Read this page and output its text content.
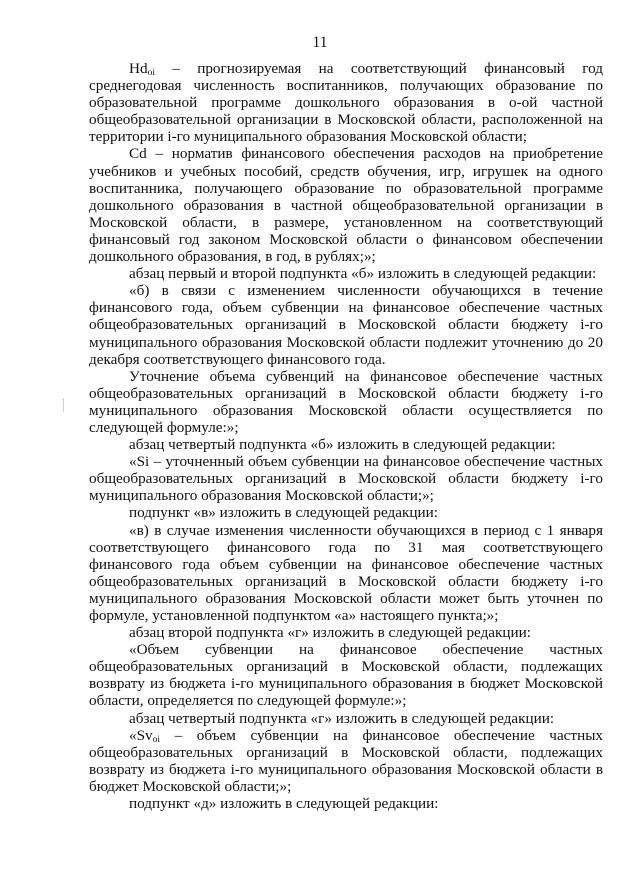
11

$Hd_{oi}$ – прогнозируемая на соответствующий финансовый год среднегодовая численность воспитанников, получающих образование по образовательной программе дошкольного образования в о-ой частной общеобразовательной организации в Московской области, расположенной на территории i-го муниципального образования Московской области;

Cd – норматив финансового обеспечения расходов на приобретение учебников и учебных пособий, средств обучения, игр, игрушек на одного воспитанника, получающего образование по образовательной программе дошкольного образования в частной общеобразовательной организации в Московской области, в размере, установленном на соответствующий финансовый год законом Московской области о финансовом обеспечении дошкольного образования, в год, в рублях;»;

абзац первый и второй подпункта «б» изложить в следующей редакции:

«б) в связи с изменением численности обучающихся в течение финансового года, объем субвенции на финансовое обеспечение частных общеобразовательных организаций в Московской области бюджету i-го муниципального образования Московской области подлежит уточнению до 20 декабря соответствующего финансового года.

Уточнение объема субвенций на финансовое обеспечение частных общеобразовательных организаций в Московской области бюджету i-го муниципального образования Московской области осуществляется по следующей формуле:»;

абзац четвертый подпункта «б» изложить в следующей редакции:

«Si – уточненный объем субвенции на финансовое обеспечение частных общеобразовательных организаций в Московской области бюджету i-го муниципального образования Московской области;»;

подпункт «в» изложить в следующей редакции:

«в) в случае изменения численности обучающихся в период с 1 января соответствующего финансового года по 31 мая соответствующего финансового года объем субвенции на финансовое обеспечение частных общеобразовательных организаций в Московской области бюджету i-го муниципального образования Московской области может быть уточнен по формуле, установленной подпунктом «а» настоящего пункта;»;

абзац второй подпункта «г» изложить в следующей редакции:

«Объем субвенции на финансовое обеспечение частных общеобразовательных организаций в Московской области, подлежащих возврату из бюджета i-го муниципального образования в бюджет Московской области, определяется по следующей формуле:»;

абзац четвертый подпункта «г» изложить в следующей редакции:

«$Sv_{oi}$ – объем субвенции на финансовое обеспечение частных общеобразовательных организаций в Московской области, подлежащих возврату из бюджета i-го муниципального образования Московской области в бюджет Московской области;»;

подпункт «д» изложить в следующей редакции:
